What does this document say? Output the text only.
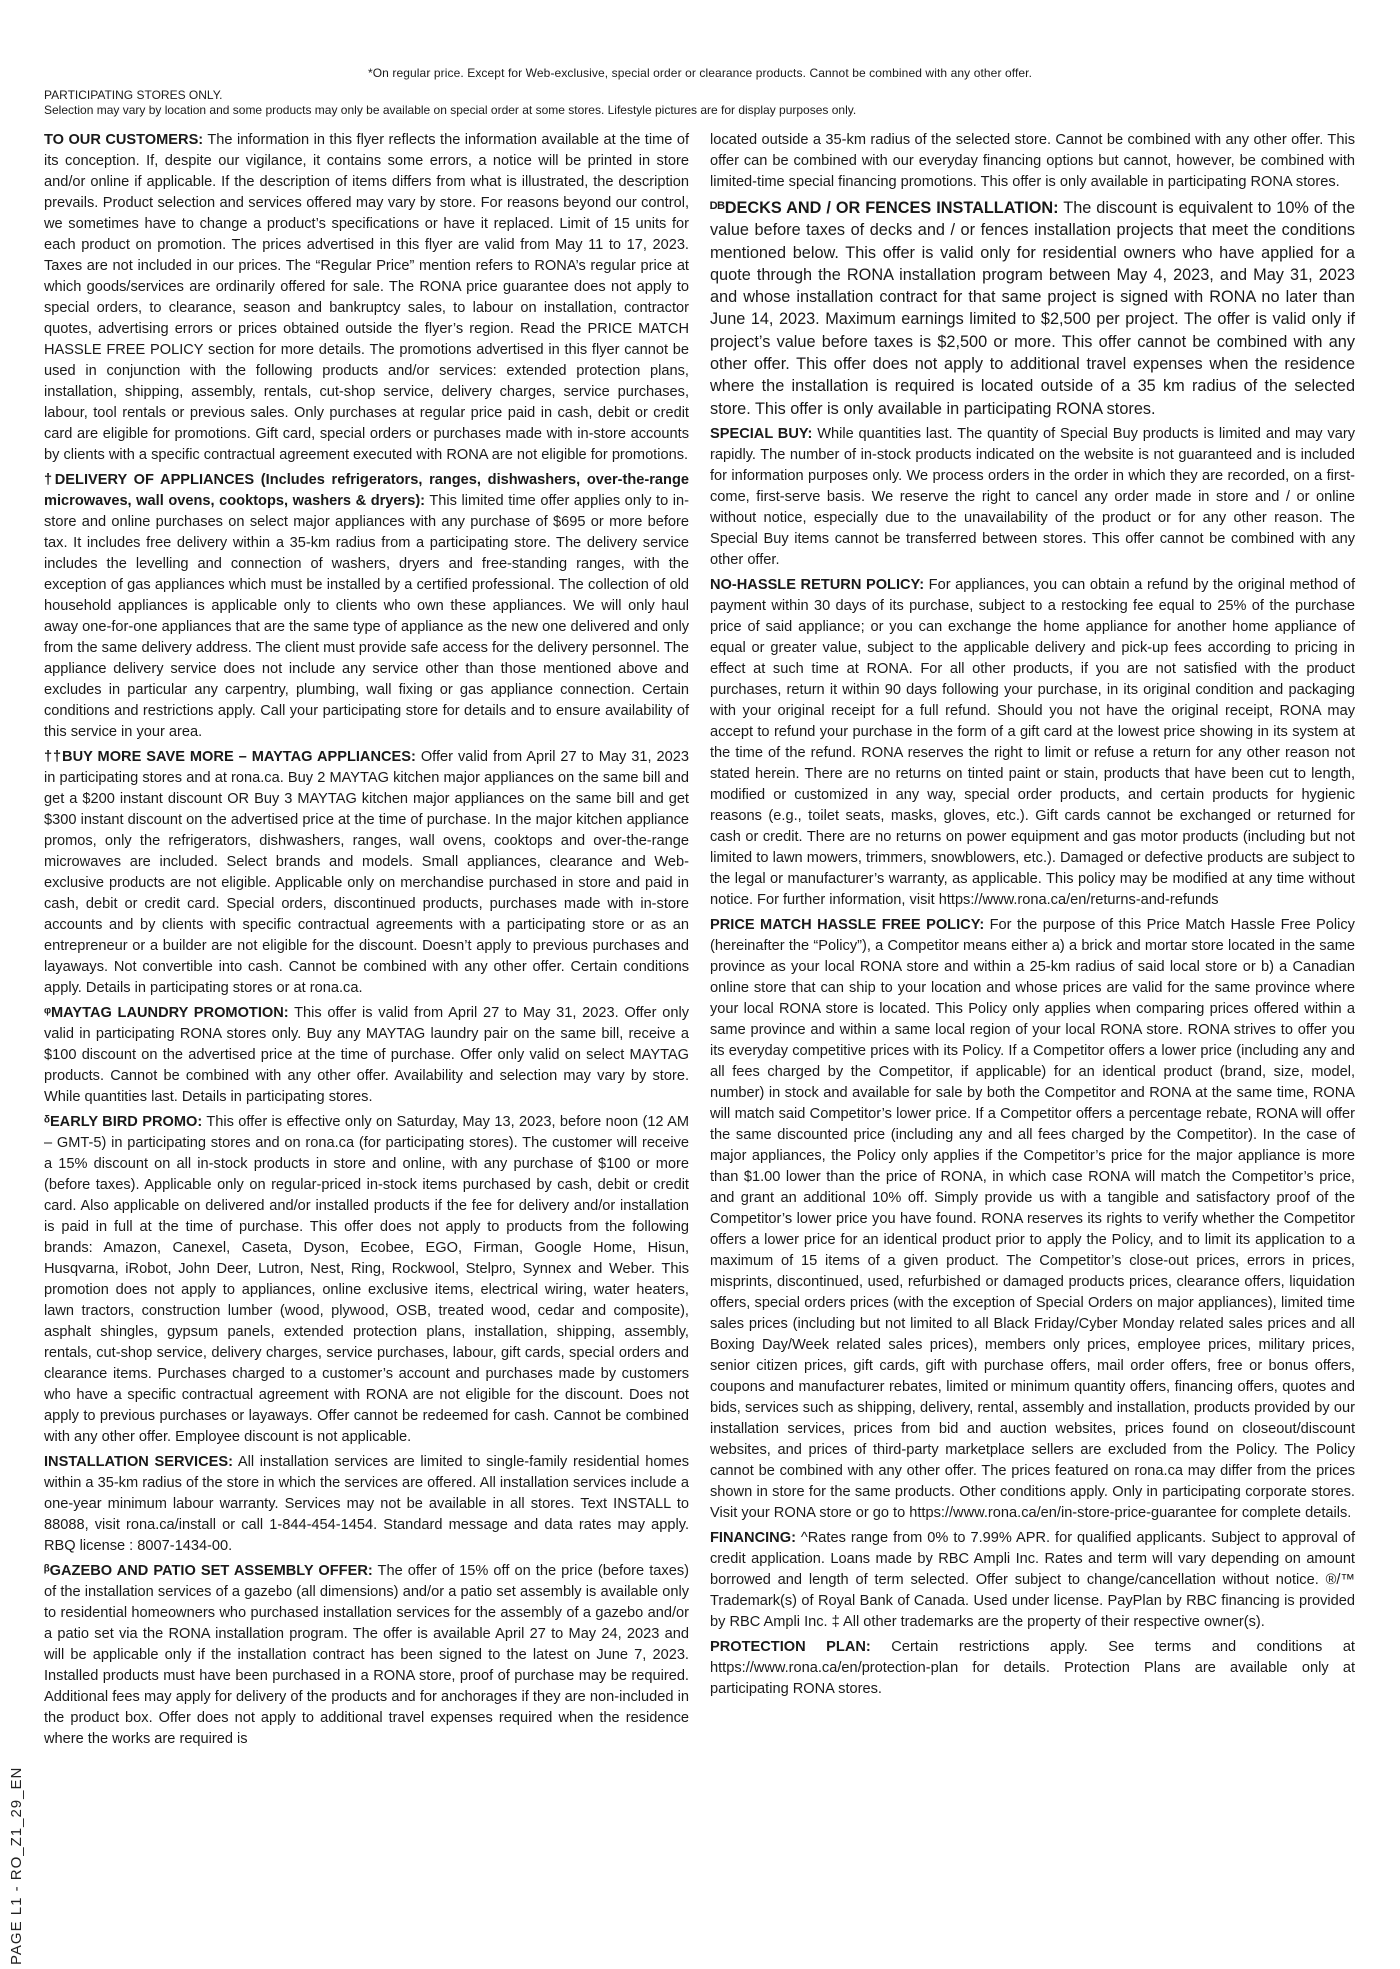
*On regular price. Except for Web-exclusive, special order or clearance products. Cannot be combined with any other offer.
PARTICIPATING STORES ONLY.
Selection may vary by location and some products may only be available on special order at some stores. Lifestyle pictures are for display purposes only.

TO OUR CUSTOMERS: The information in this flyer reflects the information available at the time of its conception. If, despite our vigilance, it contains some errors, a notice will be printed in store and/or online if applicable. If the description of items differs from what is illustrated, the description prevails. Product selection and services offered may vary by store. For reasons beyond our control, we sometimes have to change a product’s specifications or have it replaced. Limit of 15 units for each product on promotion. The prices advertised in this flyer are valid from May 11 to 17, 2023. Taxes are not included in our prices. The “Regular Price” mention refers to RONA’s regular price at which goods/services are ordinarily offered for sale. The RONA price guarantee does not apply to special orders, to clearance, season and bankruptcy sales, to labour on installation, contractor quotes, advertising errors or prices obtained outside the flyer’s region. Read the PRICE MATCH HASSLE FREE POLICY section for more details. The promotions advertised in this flyer cannot be used in conjunction with the following products and/or services: extended protection plans, installation, shipping, assembly, rentals, cut-shop service, delivery charges, service purchases, labour, tool rentals or previous sales. Only purchases at regular price paid in cash, debit or credit card are eligible for promotions. Gift card, special orders or purchases made with in-store accounts by clients with a specific contractual agreement executed with RONA are not eligible for promotions.

†DELIVERY OF APPLIANCES (Includes refrigerators, ranges, dishwashers, over-the-range microwaves, wall ovens, cooktops, washers & dryers): This limited time offer applies only to in-store and online purchases on select major appliances with any purchase of $695 or more before tax. It includes free delivery within a 35-km radius from a participating store. The delivery service includes the levelling and connection of washers, dryers and free-standing ranges, with the exception of gas appliances which must be installed by a certified professional. The collection of old household appliances is applicable only to clients who own these appliances. We will only haul away one-for-one appliances that are the same type of appliance as the new one delivered and only from the same delivery address. The client must provide safe access for the delivery personnel. The appliance delivery service does not include any service other than those mentioned above and excludes in particular any carpentry, plumbing, wall fixing or gas appliance connection. Certain conditions and restrictions apply. Call your participating store for details and to ensure availability of this service in your area.

††BUY MORE SAVE MORE – MAYTAG APPLIANCES: Offer valid from April 27 to May 31, 2023 in participating stores and at rona.ca. Buy 2 MAYTAG kitchen major appliances on the same bill and get a $200 instant discount OR Buy 3 MAYTAG kitchen major appliances on the same bill and get $300 instant discount on the advertised price at the time of purchase. In the major kitchen appliance promos, only the refrigerators, dishwashers, ranges, wall ovens, cooktops and over-the-range microwaves are included. Select brands and models. Small appliances, clearance and Web-exclusive products are not eligible. Applicable only on merchandise purchased in store and paid in cash, debit or credit card. Special orders, discontinued products, purchases made with in-store accounts and by clients with specific contractual agreements with a participating store or as an entrepreneur or a builder are not eligible for the discount. Doesn’t apply to previous purchases and layaways. Not convertible into cash. Cannot be combined with any other offer. Certain conditions apply. Details in participating stores or at rona.ca.

ᵠMAYTAG LAUNDRY PROMOTION: This offer is valid from April 27 to May 31, 2023. Offer only valid in participating RONA stores only. Buy any MAYTAG laundry pair on the same bill, receive a $100 discount on the advertised price at the time of purchase. Offer only valid on select MAYTAG products. Cannot be combined with any other offer. Availability and selection may vary by store. While quantities last. Details in participating stores.

ᵟEARLY BIRD PROMO: This offer is effective only on Saturday, May 13, 2023, before noon (12 AM – GMT-5) in participating stores and on rona.ca (for participating stores). The customer will receive a 15% discount on all in-stock products in store and online, with any purchase of $100 or more (before taxes). Applicable only on regular-priced in-stock items purchased by cash, debit or credit card. Also applicable on delivered and/or installed products if the fee for delivery and/or installation is paid in full at the time of purchase. This offer does not apply to products from the following brands: Amazon, Canexel, Caseta, Dyson, Ecobee, EGO, Firman, Google Home, Hisun, Husqvarna, iRobot, John Deer, Lutron, Nest, Ring, Rockwool, Stelpro, Synnex and Weber. This promotion does not apply to appliances, online exclusive items, electrical wiring, water heaters, lawn tractors, construction lumber (wood, plywood, OSB, treated wood, cedar and composite), asphalt shingles, gypsum panels, extended protection plans, installation, shipping, assembly, rentals, cut-shop service, delivery charges, service purchases, labour, gift cards, special orders and clearance items. Purchases charged to a customer’s account and purchases made by customers who have a specific contractual agreement with RONA are not eligible for the discount. Does not apply to previous purchases or layaways. Offer cannot be redeemed for cash. Cannot be combined with any other offer. Employee discount is not applicable.

INSTALLATION SERVICES: All installation services are limited to single-family residential homes within a 35-km radius of the store in which the services are offered. All installation services include a one-year minimum labour warranty. Services may not be available in all stores. Text INSTALL to 88088, visit rona.ca/install or call 1-844-454-1454. Standard message and data rates may apply. RBQ license : 8007-1434-00.

ᵝGAZEBO AND PATIO SET ASSEMBLY OFFER: The offer of 15% off on the price (before taxes) of the installation services of a gazebo (all dimensions) and/or a patio set assembly is available only to residential homeowners who purchased installation services for the assembly of a gazebo and/or a patio set via the RONA installation program. The offer is available April 27 to May 24, 2023 and will be applicable only if the installation contract has been signed to the latest on June 7, 2023. Installed products must have been purchased in a RONA store, proof of purchase may be required. Additional fees may apply for delivery of the products and for anchorages if they are non-included in the product box. Offer does not apply to additional travel expenses required when the residence where the works are required is

located outside a 35-km radius of the selected store. Cannot be combined with any other offer. This offer can be combined with our everyday financing options but cannot, however, be combined with limited-time special financing promotions. This offer is only available in participating RONA stores.

ᴰᴮDECKS AND / OR FENCES INSTALLATION: The discount is equivalent to 10% of the value before taxes of decks and / or fences installation projects that meet the conditions mentioned below. This offer is valid only for residential owners who have applied for a quote through the RONA installation program between May 4, 2023, and May 31, 2023 and whose installation contract for that same project is signed with RONA no later than June 14, 2023. Maximum earnings limited to $2,500 per project. The offer is valid only if project’s value before taxes is $2,500 or more. This offer cannot be combined with any other offer. This offer does not apply to additional travel expenses when the residence where the installation is required is located outside of a 35 km radius of the selected store. This offer is only available in participating RONA stores.

SPECIAL BUY: While quantities last. The quantity of Special Buy products is limited and may vary rapidly. The number of in-stock products indicated on the website is not guaranteed and is included for information purposes only. We process orders in the order in which they are recorded, on a first-come, first-serve basis. We reserve the right to cancel any order made in store and / or online without notice, especially due to the unavailability of the product or for any other reason. The Special Buy items cannot be transferred between stores. This offer cannot be combined with any other offer.

NO-HASSLE RETURN POLICY: For appliances, you can obtain a refund by the original method of payment within 30 days of its purchase, subject to a restocking fee equal to 25% of the purchase price of said appliance; or you can exchange the home appliance for another home appliance of equal or greater value, subject to the applicable delivery and pick-up fees according to pricing in effect at such time at RONA. For all other products, if you are not satisfied with the product purchases, return it within 90 days following your purchase, in its original condition and packaging with your original receipt for a full refund. Should you not have the original receipt, RONA may accept to refund your purchase in the form of a gift card at the lowest price showing in its system at the time of the refund. RONA reserves the right to limit or refuse a return for any other reason not stated herein. There are no returns on tinted paint or stain, products that have been cut to length, modified or customized in any way, special order products, and certain products for hygienic reasons (e.g., toilet seats, masks, gloves, etc.). Gift cards cannot be exchanged or returned for cash or credit. There are no returns on power equipment and gas motor products (including but not limited to lawn mowers, trimmers, snowblowers, etc.). Damaged or defective products are subject to the legal or manufacturer’s warranty, as applicable. This policy may be modified at any time without notice. For further information, visit https://www.rona.ca/en/returns-and-refunds

PRICE MATCH HASSLE FREE POLICY: For the purpose of this Price Match Hassle Free Policy (hereinafter the “Policy”), a Competitor means either a) a brick and mortar store located in the same province as your local RONA store and within a 25-km radius of said local store or b) a Canadian online store that can ship to your location and whose prices are valid for the same province where your local RONA store is located. This Policy only applies when comparing prices offered within a same province and within a same local region of your local RONA store. RONA strives to offer you its everyday competitive prices with its Policy. If a Competitor offers a lower price (including any and all fees charged by the Competitor, if applicable) for an identical product (brand, size, model, number) in stock and available for sale by both the Competitor and RONA at the same time, RONA will match said Competitor’s lower price. If a Competitor offers a percentage rebate, RONA will offer the same discounted price (including any and all fees charged by the Competitor). In the case of major appliances, the Policy only applies if the Competitor’s price for the major appliance is more than $1.00 lower than the price of RONA, in which case RONA will match the Competitor’s price, and grant an additional 10% off. Simply provide us with a tangible and satisfactory proof of the Competitor’s lower price you have found. RONA reserves its rights to verify whether the Competitor offers a lower price for an identical product prior to apply the Policy, and to limit its application to a maximum of 15 items of a given product. The Competitor’s close-out prices, errors in prices, misprints, discontinued, used, refurbished or damaged products prices, clearance offers, liquidation offers, special orders prices (with the exception of Special Orders on major appliances), limited time sales prices (including but not limited to all Black Friday/Cyber Monday related sales prices and all Boxing Day/Week related sales prices), members only prices, employee prices, military prices, senior citizen prices, gift cards, gift with purchase offers, mail order offers, free or bonus offers, coupons and manufacturer rebates, limited or minimum quantity offers, financing offers, quotes and bids, services such as shipping, delivery, rental, assembly and installation, products provided by our installation services, prices from bid and auction websites, prices found on closeout/discount websites, and prices of third-party marketplace sellers are excluded from the Policy. The Policy cannot be combined with any other offer. The prices featured on rona.ca may differ from the prices shown in store for the same products. Other conditions apply. Only in participating corporate stores. Visit your RONA store or go to https://www.rona.ca/en/in-store-price-guarantee for complete details.

FINANCING: ^Rates range from 0% to 7.99% APR. for qualified applicants. Subject to approval of credit application. Loans made by RBC Ampli Inc. Rates and term will vary depending on amount borrowed and length of term selected. Offer subject to change/cancellation without notice. ®/™ Trademark(s) of Royal Bank of Canada. Used under license. PayPlan by RBC financing is provided by RBC Ampli Inc. ‡ All other trademarks are the property of their respective owner(s).

PROTECTION PLAN: Certain restrictions apply. See terms and conditions at https://www.rona.ca/en/protection-plan for details. Protection Plans are available only at participating RONA stores.

PAGE L1 - RO_Z1_29_EN
